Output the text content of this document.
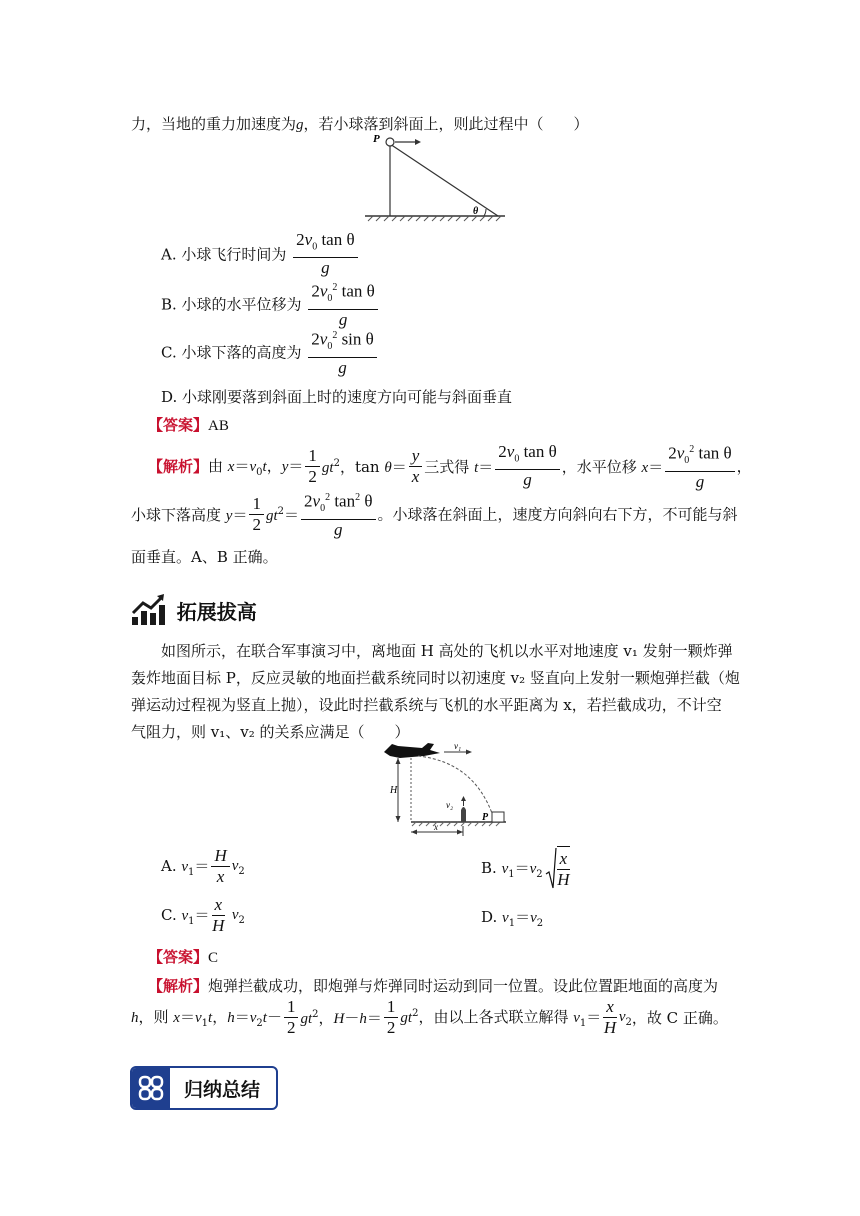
力，当地的重力加速度为g，若小球落到斜面上，则此过程中（　　）
P
θ
A. 小球飞行时间为 $\frac{2v_0 \tan \theta}{g}$
B. 小球的水平位移为 $\frac{2v_0^2 \tan \theta}{g}$
C. 小球下落的高度为 $\frac{2v_0^2 \sin \theta}{g}$
D. 小球刚要落到斜面上时的速度方向可能与斜面垂直
【答案】AB
【解析】由 $x=v_0t$，$y= \frac{1}{2} gt^2$，$\tan \theta= \frac{y}{x}$ 三式得 $t= \frac{2v_0 \tan \theta}{g}$ ，水平位移 $x= \frac{2v_0^2 \tan \theta}{g}$ ，
小球下落高度 $y= \frac{1}{2} gt^2= \frac{2v_0^2 \tan^2 \theta}{g}$ 。小球落在斜面上，速度方向斜向右下方，不可能与斜
面垂直。A、B 正确。
拓展拔高
如图所示，在联合军事演习中，离地面 H 高处的飞机以水平对地速度 v₁ 发射一颗炸弹
轰炸地面目标 P，反应灵敏的地面拦截系统同时以初速度 v₂ 竖直向上发射一颗炮弹拦截（炮
弹运动过程视为竖直上抛），设此时拦截系统与飞机的水平距离为 x，若拦截成功，不计空
气阻力，则 v₁、v₂ 的关系应满足（　　）
v₁
H
v₂
P
x
A. $v_1= \frac{H}{x} v_2$	B. $v_1=v_2 \frac{x}{H}$
C. $v_1= \frac{x}{H} v_2$	D. $v_1=v_2$
【答案】C
【解析】炮弹拦截成功，即炮弹与炸弹同时运动到同一位置。设此位置距地面的高度为
h，则 $x=v_1t$，$h=v_2t- \frac{1}{2} gt^2$，$H-h= \frac{1}{2} gt^2$，由以上各式联立解得 $v_1= \frac{x}{H} v_2$，故 C 正确。
归纳总结
